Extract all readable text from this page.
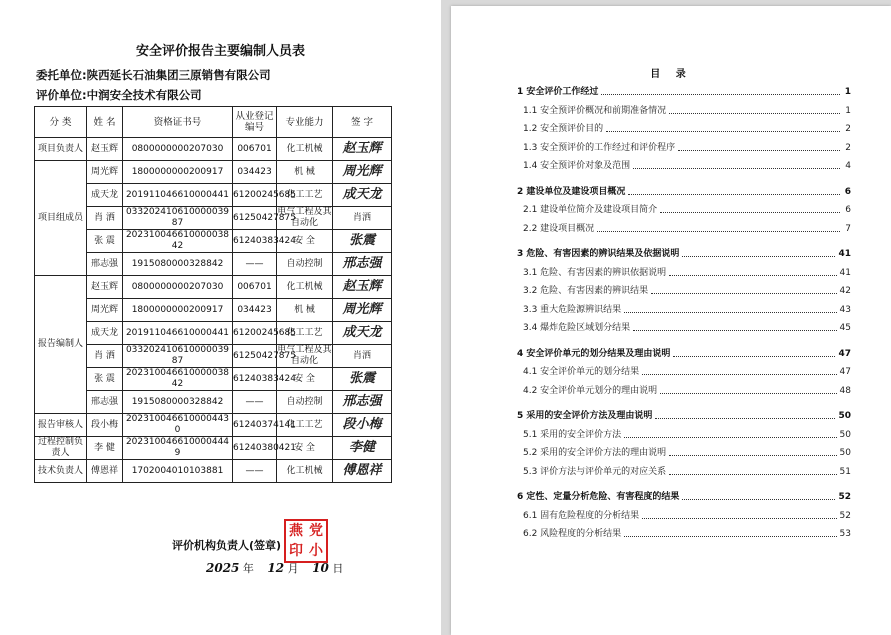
安全评价报告主要编制人员表
委托单位:陕西延长石油集团三原销售有限公司
评价单位:中润安全技术有限公司
分 类	姓 名	资格证书号	从业登记编号	专业能力	签 字
项目负责人	赵玉辉	0800000000207030	006701	化工机械	赵玉辉
项目组成员	周光辉	1800000000200917	034423	机 械	周光辉
	成天龙	201911046610000441	61200245685	化工工艺	成天龙
	肖 洒	033202410610000039 87	61250427875	电气工程及其自动化	肖洒
	张 震	202310046610000038 42	61240383424	安 全	张震
	邢志强	1915080000328842	——	自动控制	邢志强
报告编制人	赵玉辉	0800000000207030	006701	化工机械	赵玉辉
	周光辉	1800000000200917	034423	机 械	周光辉
	成天龙	201911046610000441	61200245685	化工工艺	成天龙
	肖 洒	033202410610000039 87	61250427875	电气工程及其自动化	肖洒
	张 震	202310046610000038 42	61240383424	安 全	张震
	邢志强	1915080000328842	——	自动控制	邢志强
报告审核人	段小梅	202310046610000443 0	61240374141	化工工艺	段小梅
过程控制负责人	李 健	202310046610000444 9	61240380421	安 全	李健
技术负责人	傅恩祥	1702004010103881	——	化工机械	傅恩祥
评价机构负责人(签章)
燕 党
印 小
2025 年 12 月 10 日
目 录
1 安全评价工作经过	1
1.1 安全预评价概况和前期准备情况	1
1.2 安全预评价目的	2
1.3 安全预评价的工作经过和评价程序	2
1.4 安全预评价对象及范围	4
2 建设单位及建设项目概况	6
2.1 建设单位简介及建设项目简介	6
2.2 建设项目概况	7
3 危险、有害因素的辨识结果及依据说明	41
3.1 危险、有害因素的辨识依据说明	41
3.2 危险、有害因素的辨识结果	42
3.3 重大危险源辨识结果	43
3.4 爆炸危险区域划分结果	45
4 安全评价单元的划分结果及理由说明	47
4.1 安全评价单元的划分结果	47
4.2 安全评价单元划分的理由说明	48
5 采用的安全评价方法及理由说明	50
5.1 采用的安全评价方法	50
5.2 采用的安全评价方法的理由说明	50
5.3 评价方法与评价单元的对应关系	51
6 定性、定量分析危险、有害程度的结果	52
6.1 固有危险程度的分析结果	52
6.2 风险程度的分析结果	53
